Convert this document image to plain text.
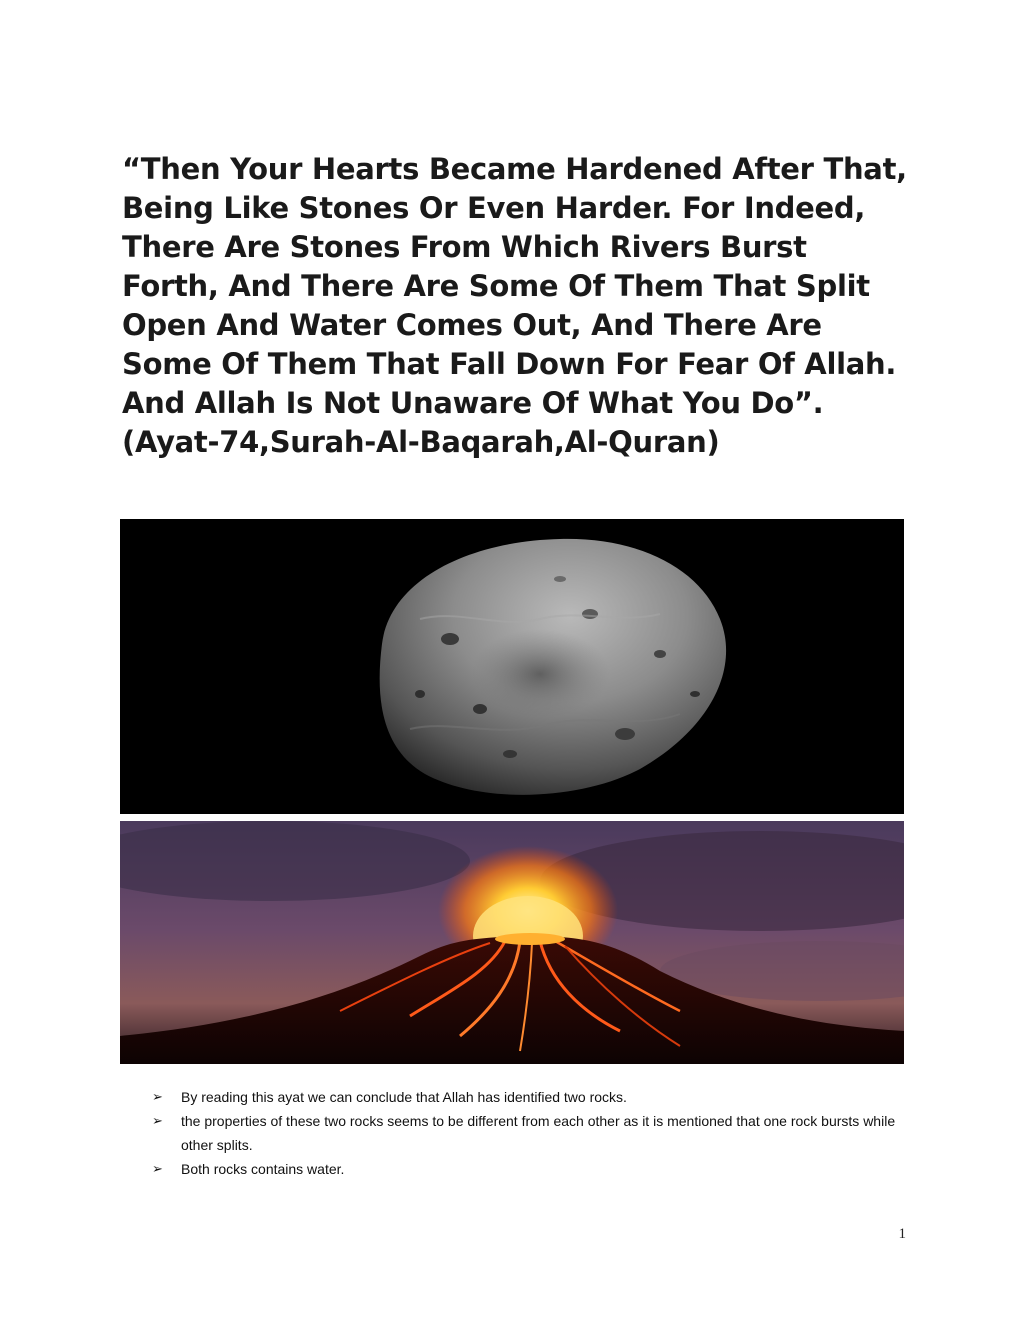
“Then Your Hearts Became Hardened After That, Being Like Stones Or Even Harder. For Indeed, There Are Stones From Which Rivers Burst Forth, And There Are Some Of Them That Split Open And Water Comes Out, And There Are Some Of Them That Fall Down For Fear Of Allah. And Allah Is Not Unaware Of What You Do”.(Ayat-74,Surah-Al-Baqarah,Al-Quran)

➢ By reading this ayat we can conclude that Allah has identified two rocks.
➢ the properties of these two rocks seems to be different from each other as it is mentioned that one rock bursts while other splits.
➢ Both rocks contains water.
1
